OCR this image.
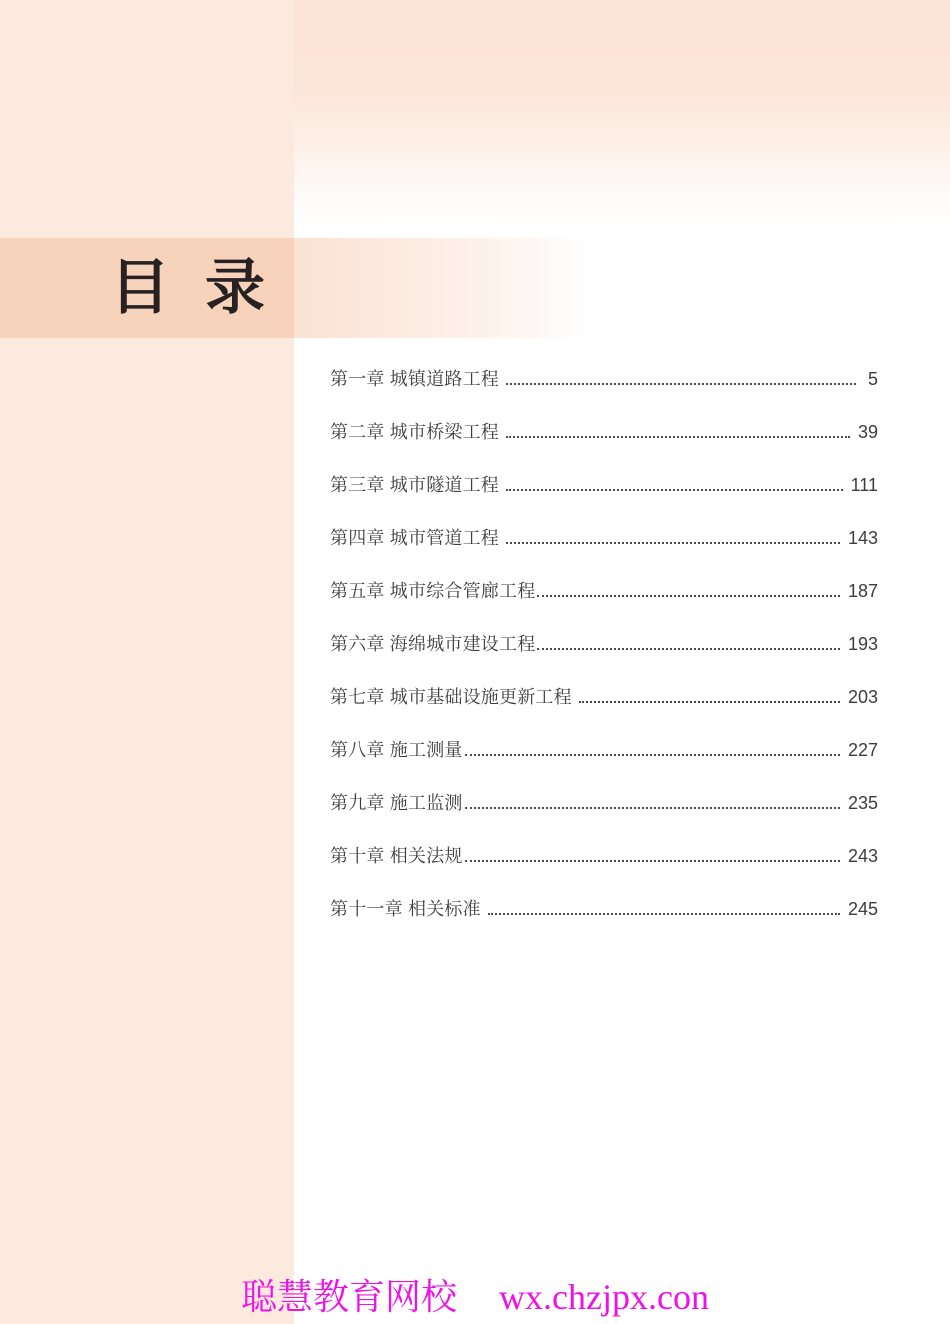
目 录
第一章 城镇道路工程	5
第二章 城市桥梁工程	39
第三章 城市隧道工程	111
第四章 城市管道工程	143
第五章 城市综合管廊工程	187
第六章 海绵城市建设工程	193
第七章 城市基础设施更新工程	203
第八章 施工测量	227
第九章 施工监测	235
第十章 相关法规	243
第十一章 相关标准	245
聪慧教育网校 wx.chzjpx.con
